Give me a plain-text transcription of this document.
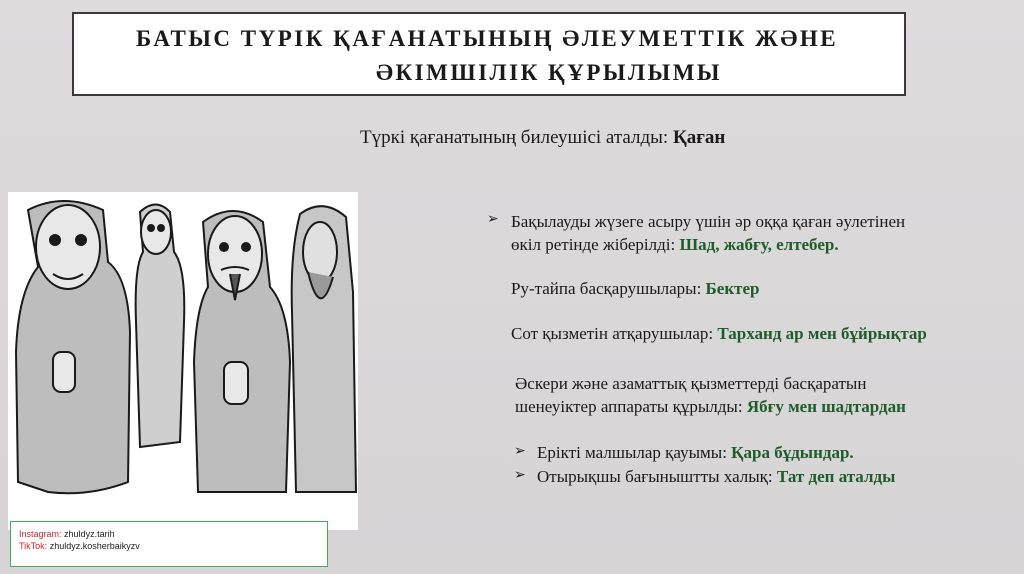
БАТЫС ТҮРІК ҚАҒАНАТЫНЫҢ ӘЛЕУМЕТТІК ЖӘНЕ
ӘКІМШІЛІК ҚҰРЫЛЫМЫ
Түркі қағанатының билеушісі аталды: Қаған
➢ Бақылауды жүзеге асыру үшін әр оққа қаған әулетінен
өкіл ретінде жіберілді: Шад, жабғу, елтебер.
Ру-тайпа басқарушылары: Бектер
Сот қызметін атқарушылар: Тарханд ар мен бұйрықтар
Әскери және азаматтық қызметтерді басқаратын
шенеуіктер аппараты құрылды: Ябғу мен шадтардан
➢ Ерікті малшылар қауымы: Қара бұдындар.
➢ Отырықшы бағыныштты халық: Тат деп аталды
Instagram: zhuldyz.tarih
TikTok: zhuldyz.kosherbaikyzv
